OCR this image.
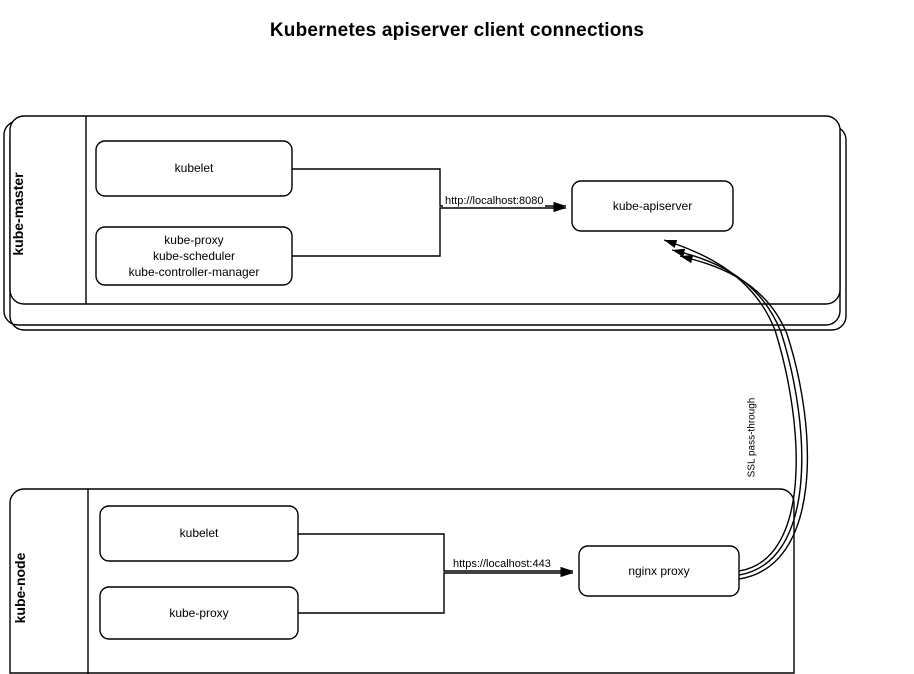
Kubernetes apiserver client connections
kube-master
kube-node
kubelet
kube-proxy
kube-scheduler
kube-controller-manager
kube-apiserver
kubelet
kube-proxy
nginx proxy
http://localhost:8080
https://localhost:443
SSL pass-through
